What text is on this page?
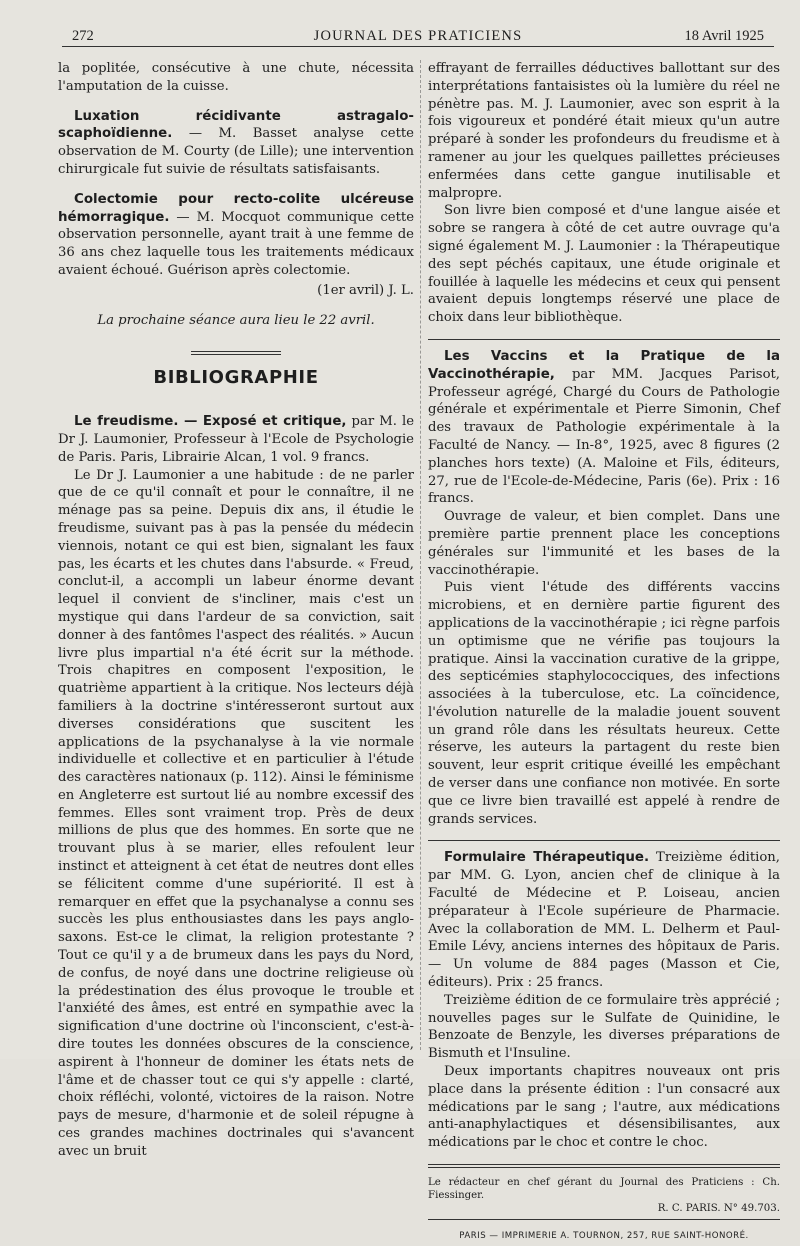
272	JOURNAL DES PRATICIENS	18 Avril 1925

la poplitée, consécutive à une chute, nécessita l'amputation de la cuisse.

Luxation récidivante astragalo-scaphoïdienne. — M. Basset analyse cette observation de M. Courty (de Lille); une intervention chirurgicale fut suivie de résultats satisfaisants.

Colectomie pour recto-colite ulcéreuse hémorragique. — M. Mocquot communique cette observation personnelle, ayant trait à une femme de 36 ans chez laquelle tous les traitements médicaux avaient échoué. Guérison après colectomie.

(1er avril) J. L.

La prochaine séance aura lieu le 22 avril.

BIBLIOGRAPHIE

Le freudisme. — Exposé et critique, par M. le Dr J. Laumonier, Professeur à l'Ecole de Psychologie de Paris. Paris, Librairie Alcan, 1 vol. 9 francs.

Le Dr J. Laumonier a une habitude : de ne parler que de ce qu'il connaît et pour le connaître, il ne ménage pas sa peine. Depuis dix ans, il étudie le freudisme, suivant pas à pas la pensée du médecin viennois, notant ce qui est bien, signalant les faux pas, les écarts et les chutes dans l'absurde. « Freud, conclut-il, a accompli un labeur énorme devant lequel il convient de s'incliner, mais c'est un mystique qui dans l'ardeur de sa conviction, sait donner à des fantômes l'aspect des réalités. » Aucun livre plus impartial n'a été écrit sur la méthode. Trois chapitres en composent l'exposition, le quatrième appartient à la critique. Nos lecteurs déjà familiers à la doctrine s'intéresseront surtout aux diverses considérations que suscitent les applications de la psychanalyse à la vie normale individuelle et collective et en particulier à l'étude des caractères nationaux (p. 112). Ainsi le féminisme en Angleterre est surtout lié au nombre excessif des femmes. Elles sont vraiment trop. Près de deux millions de plus que des hommes. En sorte que ne trouvant plus à se marier, elles refoulent leur instinct et atteignent à cet état de neutres dont elles se félicitent comme d'une supériorité. Il est à remarquer en effet que la psychanalyse a connu ses succès les plus enthousiastes dans les pays anglo-saxons. Est-ce le climat, la religion protestante ? Tout ce qu'il y a de brumeux dans les pays du Nord, de confus, de noyé dans une doctrine religieuse où la prédestination des élus provoque le trouble et l'anxiété des âmes, est entré en sympathie avec la signification d'une doctrine où l'inconscient, c'est-à-dire toutes les données obscures de la conscience, aspirent à l'honneur de dominer les états nets de l'âme et de chasser tout ce qui s'y appelle : clarté, choix réfléchi, volonté, victoires de la raison. Notre pays de mesure, d'harmonie et de soleil répugne à ces grandes machines doctrinales qui s'avancent avec un bruit

effrayant de ferrailles déductives ballottant sur des interprétations fantaisistes où la lumière du réel ne pénètre pas. M. J. Laumonier, avec son esprit à la fois vigoureux et pondéré était mieux qu'un autre préparé à sonder les profondeurs du freudisme et à ramener au jour les quelques paillettes précieuses enfermées dans cette gangue inutilisable et malpropre.

Son livre bien composé et d'une langue aisée et sobre se rangera à côté de cet autre ouvrage qu'a signé également M. J. Laumonier : la Thérapeutique des sept péchés capitaux, une étude originale et fouillée à laquelle les médecins et ceux qui pensent avaient depuis longtemps réservé une place de choix dans leur bibliothèque.

Les Vaccins et la Pratique de la Vaccinothérapie, par MM. Jacques Parisot, Professeur agrégé, Chargé du Cours de Pathologie générale et expérimentale et Pierre Simonin, Chef des travaux de Pathologie expérimentale à la Faculté de Nancy. — In-8°, 1925, avec 8 figures (2 planches hors texte) (A. Maloine et Fils, éditeurs, 27, rue de l'Ecole-de-Médecine, Paris (6e). Prix : 16 francs.

Ouvrage de valeur, et bien complet. Dans une première partie prennent place les conceptions générales sur l'immunité et les bases de la vaccinothérapie.

Puis vient l'étude des différents vaccins microbiens, et en dernière partie figurent des applications de la vaccinothérapie ; ici règne parfois un optimisme que ne vérifie pas toujours la pratique. Ainsi la vaccination curative de la grippe, des septicémies staphylococciques, des infections associées à la tuberculose, etc. La coïncidence, l'évolution naturelle de la maladie jouent souvent un grand rôle dans les résultats heureux. Cette réserve, les auteurs la partagent du reste bien souvent, leur esprit critique éveillé les empêchant de verser dans une confiance non motivée. En sorte que ce livre bien travaillé est appelé à rendre de grands services.

Formulaire Thérapeutique. Treizième édition, par MM. G. Lyon, ancien chef de clinique à la Faculté de Médecine et P. Loiseau, ancien préparateur à l'Ecole supérieure de Pharmacie. Avec la collaboration de MM. L. Delherm et Paul-Emile Lévy, anciens internes des hôpitaux de Paris. — Un volume de 884 pages (Masson et Cie, éditeurs). Prix : 25 francs.

Treizième édition de ce formulaire très apprécié ; nouvelles pages sur le Sulfate de Quinidine, le Benzoate de Benzyle, les diverses préparations de Bismuth et l'Insuline.

Deux importants chapitres nouveaux ont pris place dans la présente édition : l'un consacré aux médications par le sang ; l'autre, aux médications anti-anaphylactiques et désensibilisantes, aux médications par le choc et contre le choc.

Le rédacteur en chef gérant du Journal des Praticiens : Ch. Fiessinger.

R. C. PARIS. N° 49.703.

PARIS — IMPRIMERIE A. TOURNON, 257, RUE SAINT-HONORÉ.
